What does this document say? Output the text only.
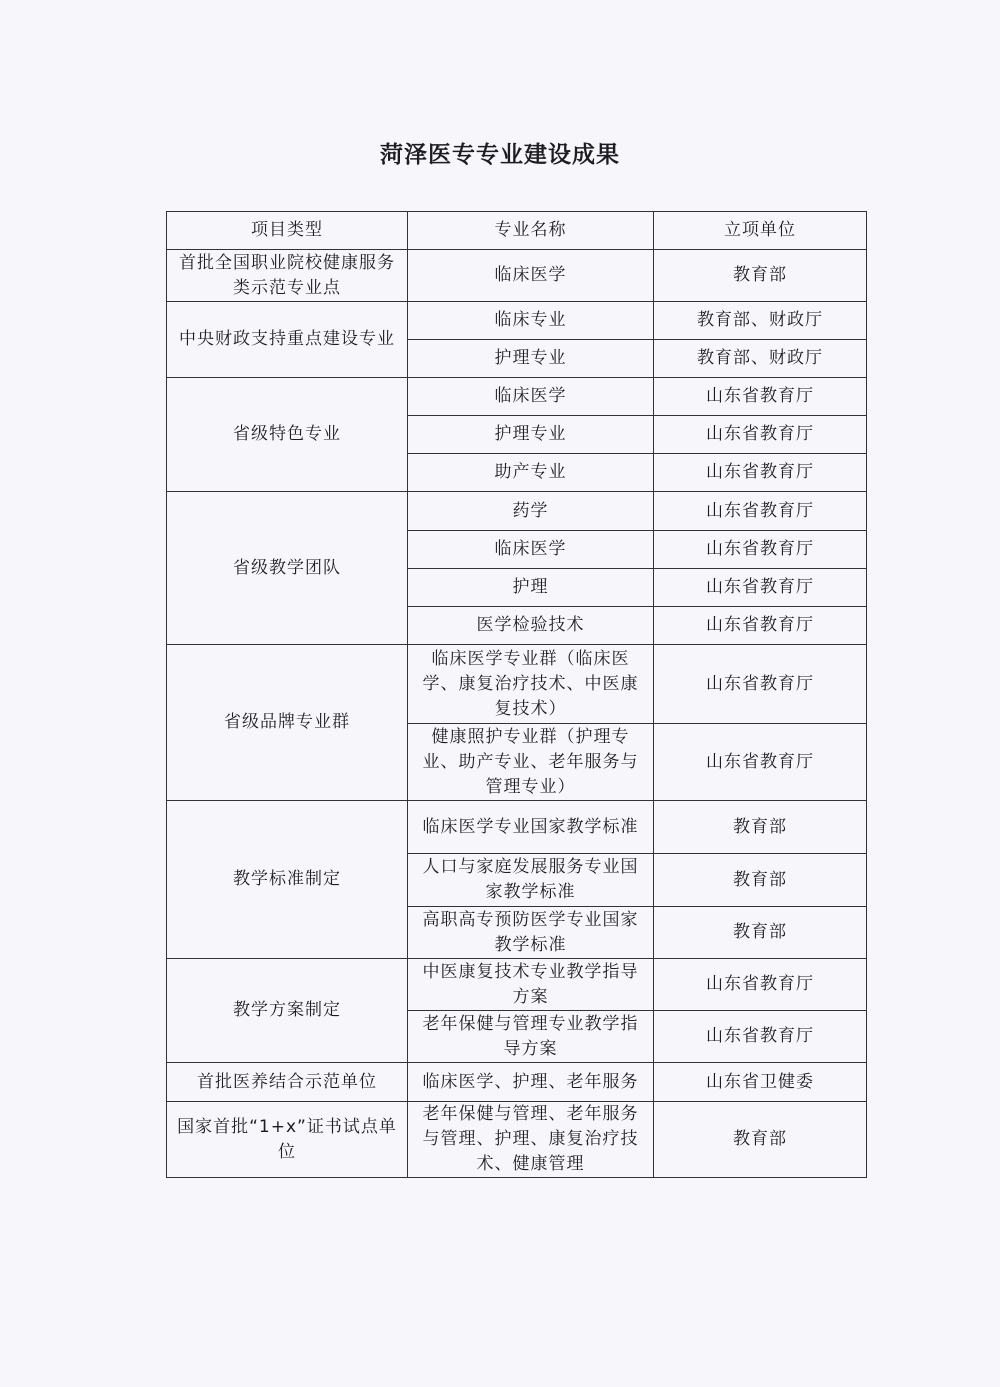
菏泽医专专业建设成果
项目类型	专业名称	立项单位
首批全国职业院校健康服务类示范专业点	临床医学	教育部
中央财政支持重点建设专业	临床专业	教育部、财政厅
	护理专业	教育部、财政厅
省级特色专业	临床医学	山东省教育厅
	护理专业	山东省教育厅
	助产专业	山东省教育厅
省级教学团队	药学	山东省教育厅
	临床医学	山东省教育厅
	护理	山东省教育厅
	医学检验技术	山东省教育厅
省级品牌专业群	临床医学专业群（临床医学、康复治疗技术、中医康复技术）	山东省教育厅
	健康照护专业群（护理专业、助产专业、老年服务与管理专业）	山东省教育厅
教学标准制定	临床医学专业国家教学标准	教育部
	人口与家庭发展服务专业国家教学标准	教育部
	高职高专预防医学专业国家教学标准	教育部
教学方案制定	中医康复技术专业教学指导方案	山东省教育厅
	老年保健与管理专业教学指导方案	山东省教育厅
首批医养结合示范单位	临床医学、护理、老年服务	山东省卫健委
国家首批“1+x”证书试点单位	老年保健与管理、老年服务与管理、护理、康复治疗技术、健康管理	教育部
